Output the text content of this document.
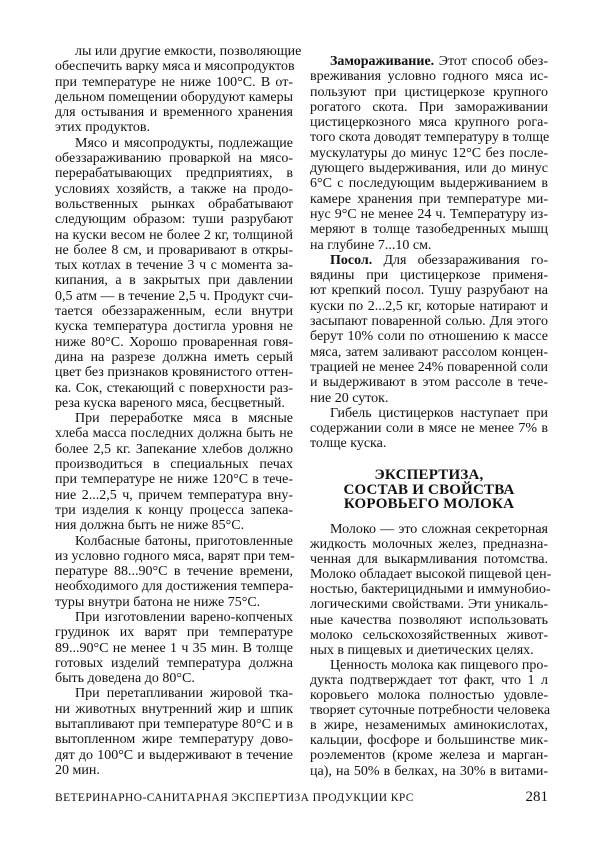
лы или другие емкости, позволяющие
обеспечить варку мяса и мясопродуктов
при температуре не ниже 100°С. В от-
дельном помещении оборудуют камеры
для остывания и временного хранения
этих продуктов.
Мясо и мясопродукты, подлежащие
обеззараживанию проваркой на мясо-
перерабатывающих предприятиях, в
условиях хозяйств, а также на продо-
вольственных рынках обрабатывают
следующим образом: туши разрубают
на куски весом не более 2 кг, толщиной
не более 8 см, и проваривают в откры-
тых котлах в течение 3 ч с момента за-
кипания, а в закрытых при давлении
0,5 атм — в течение 2,5 ч. Продукт счи-
тается обеззараженным, если внутри
куска температура достигла уровня не
ниже 80°С. Хорошо проваренная говя-
дина на разрезе должна иметь серый
цвет без признаков кровянистого оттен-
ка. Сок, стекающий с поверхности раз-
реза куска вареного мяса, бесцветный.
При переработке мяса в мясные
хлеба масса последних должна быть не
более 2,5 кг. Запекание хлебов должно
производиться в специальных печах
при температуре не ниже 120°С в тече-
ние 2...2,5 ч, причем температура вну-
три изделия к концу процесса запека-
ния должна быть не ниже 85°С.
Колбасные батоны, приготовленные
из условно годного мяса, варят при тем-
пературе 88...90°С в течение времени,
необходимого для достижения темпера-
туры внутри батона не ниже 75°С.
При изготовлении варено-копченых
грудинок их варят при температуре
89...90°С не менее 1 ч 35 мин. В толще
готовых изделий температура должна
быть доведена до 80°С.
При перетапливании жировой тка-
ни животных внутренний жир и шпик
вытапливают при температуре 80°С и в
вытопленном жире температуру дово-
дят до 100°С и выдерживают в течение
20 мин.
Замораживание. Этот способ обез-
вреживания условно годного мяса ис-
пользуют при цистицеркозе крупного
рогатого скота. При замораживании
цистицеркозного мяса крупного рога-
того скота доводят температуру в толще
мускулатуры до минус 12°С без после-
дующего выдерживания, или до минус
6°С с последующим выдерживанием в
камере хранения при температуре ми-
нус 9°С не менее 24 ч. Температуру из-
меряют в толще тазобедренных мышц
на глубине 7...10 см.
Посол. Для обеззараживания го-
вядины при цистицеркозе применя-
ют крепкий посол. Тушу разрубают на
куски по 2...2,5 кг, которые натирают и
засыпают поваренной солью. Для этого
берут 10% соли по отношению к массе
мяса, затем заливают рассолом концен-
трацией не менее 24% поваренной соли
и выдерживают в этом рассоле в тече-
ние 20 суток.
Гибель цистицерков наступает при
содержании соли в мясе не менее 7% в
толще куска.
ЭКСПЕРТИЗА,
СОСТАВ И СВОЙСТВА
КОРОВЬЕГО МОЛОКА
Молоко — это сложная секреторная
жидкость молочных желез, предназна-
ченная для выкармливания потомства.
Молоко обладает высокой пищевой цен-
ностью, бактерицидными и иммунобио-
логическими свойствами. Эти уникаль-
ные качества позволяют использовать
молоко сельскохозяйственных живот-
ных в пищевых и диетических целях.
Ценность молока как пищевого про-
дукта подтверждает тот факт, что 1 л
коровьего молока полностью удовле-
творяет суточные потребности человека
в жире, незаменимых аминокислотах,
кальции, фосфоре и большинстве мик-
роэлементов (кроме железа и марган-
ца), на 50% в белках, на 30% в витами-
ВЕТЕРИНАРНО-САНИТАРНАЯ ЭКСПЕРТИЗА ПРОДУКЦИИ КРС	281
